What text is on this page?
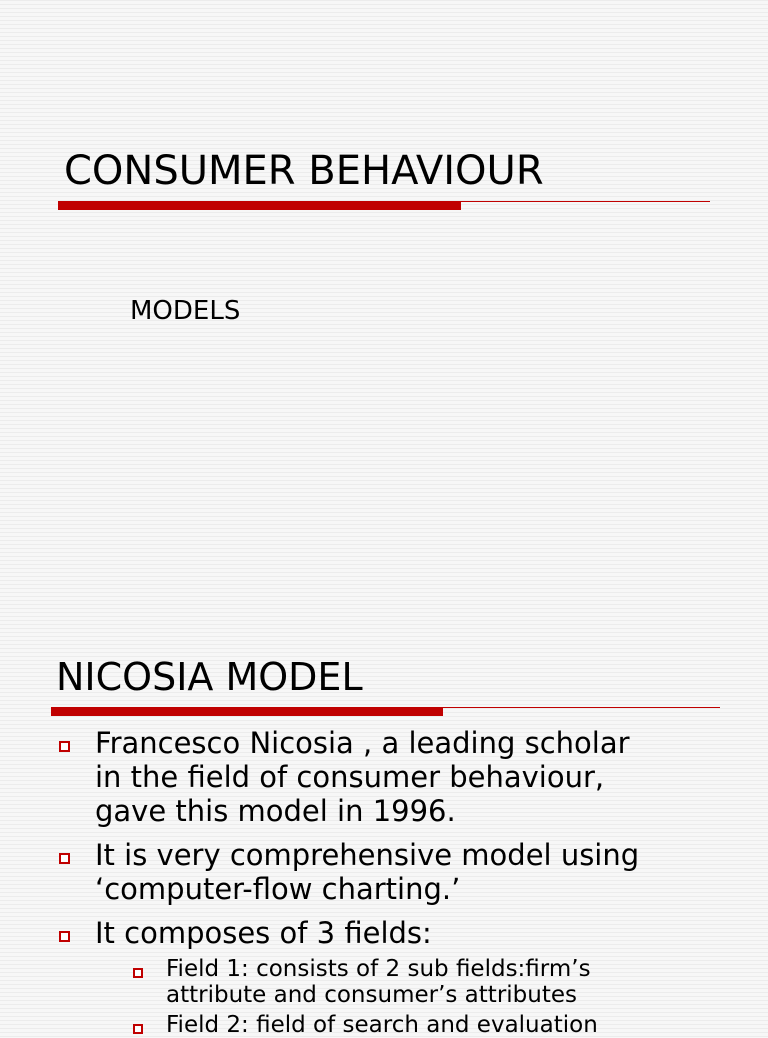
CONSUMER BEHAVIOUR

MODELS

NICOSIA MODEL
Francesco Nicosia , a leading scholar
in the field of consumer behaviour,
gave this model in 1996.
It is very comprehensive model using
‘computer-flow charting.’
It composes of 3 fields:
Field 1: consists of 2 sub fields:firm’s
attribute and consumer’s attributes
Field 2: field of search and evaluation
